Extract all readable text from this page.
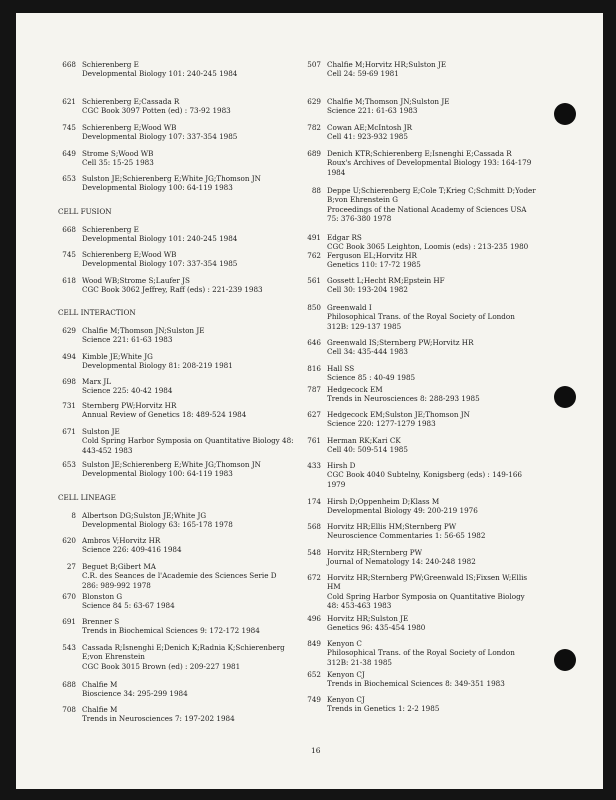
668 Schierenberg E
Developmental Biology 101: 240-245 1984
621 Schierenberg E;Cassada R
CGC Book 3097 Potten (ed) : 73-92 1983
745 Schierenberg E;Wood WB
Developmental Biology 107: 337-354 1985
649 Strome S;Wood WB
Cell 35: 15-25 1983
653 Sulston JE;Schierenberg E;White JG;Thomson JN
Developmental Biology 100: 64-119 1983
CELL FUSION
668 Schierenberg E
Developmental Biology 101: 240-245 1984
745 Schierenberg E;Wood WB
Developmental Biology 107: 337-354 1985
618 Wood WB;Strome S;Laufer JS
CGC Book 3062 Jeffrey, Raff (eds) : 221-239 1983
CELL INTERACTION
629 Chalfie M;Thomson JN;Sulston JE
Science 221: 61-63 1983
494 Kimble JE;White JG
Developmental Biology 81: 208-219 1981
698 Marx JL
Science 225: 40-42 1984
731 Sternberg PW;Horvitz HR
Annual Review of Genetics 18: 489-524 1984
671 Sulston JE
Cold Spring Harbor Symposia on Quantitative Biology 48:
443-452 1983
653 Sulston JE;Schierenberg E;White JG;Thomson JN
Developmental Biology 100: 64-119 1983
CELL LINEAGE
8 Albertson DG;Sulston JE;White JG
Developmental Biology 63: 165-178 1978
620 Ambros V;Horvitz HR
Science 226: 409-416 1984
27 Beguet B;Gibert MA
C.R. des Seances de l'Academie des Sciences Serie D
286: 989-992 1978
670 Blonston G
Science 84 5: 63-67 1984
691 Brenner S
Trends in Biochemical Sciences 9: 172-172 1984
543 Cassada R;Isnenghi E;Denich K;Radnia K;Schierenberg
E;von Ehrenstein
CGC Book 3015 Brown (ed) : 209-227 1981
688 Chalfie M
Bioscience 34: 295-299 1984
708 Chalfie M
Trends in Neurosciences 7: 197-202 1984
507 Chalfie M;Horvitz HR;Sulston JE
Cell 24: 59-69 1981
629 Chalfie M;Thomson JN;Sulston JE
Science 221: 61-63 1983
782 Cowan AE;McIntosh JR
Cell 41: 923-932 1985
689 Denich KTR;Schierenberg E;Isnenghi E;Cassada R
Roux's Archives of Developmental Biology 193: 164-179
1984
88 Deppe U;Schierenberg E;Cole T;Krieg C;Schmitt D;Yoder
B;von Ehrenstein G
Proceedings of the National Academy of Sciences USA
75: 376-380 1978
491 Edgar RS
CGC Book 3065 Leighton, Loomis (eds) : 213-235 1980
762 Ferguson EL;Horvitz HR
Genetics 110: 17-72 1985
561 Gossett L;Hecht RM;Epstein HF
Cell 30: 193-204 1982
850 Greenwald I
Philosophical Trans. of the Royal Society of London
312B: 129-137 1985
646 Greenwald IS;Sternberg PW;Horvitz HR
Cell 34: 435-444 1983
816 Hall SS
Science 85 : 40-49 1985
787 Hedgecock EM
Trends in Neurosciences 8: 288-293 1985
627 Hedgecock EM;Sulston JE;Thomson JN
Science 220: 1277-1279 1983
761 Herman RK;Kari CK
Cell 40: 509-514 1985
433 Hirsh D
CGC Book 4040 Subtelny, Konigsberg (eds) : 149-166
1979
174 Hirsh D;Oppenheim D;Klass M
Developmental Biology 49: 200-219 1976
568 Horvitz HR;Ellis HM;Sternberg PW
Neuroscience Commentaries 1: 56-65 1982
548 Horvitz HR;Sternberg PW
Journal of Nematology 14: 240-248 1982
672 Horvitz HR;Sternberg PW;Greenwald IS;Fixsen W;Ellis
HM
Cold Spring Harbor Symposia on Quantitative Biology
48: 453-463 1983
496 Horvitz HR;Sulston JE
Genetics 96: 435-454 1980
849 Kenyon C
Philosophical Trans. of the Royal Society of London
312B: 21-38 1985
652 Kenyon CJ
Trends in Biochemical Sciences 8: 349-351 1983
749 Kenyon CJ
Trends in Genetics 1: 2-2 1985
16
